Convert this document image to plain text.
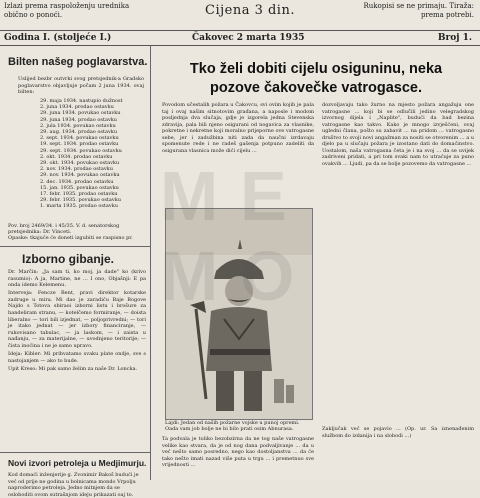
Izlazi prema raspoloženju urednika obično o ponoći.	Cijena 3 din.	Rukopisi se ne primaju. Tiraža: prema potrebi.
Godina I. (stoljeće I.)	Čakovec 2 marta 1935	Broj 1.
Bilten našeg poglavarstva.
Uslijed bezbr outvrki svog pretsjednik-a Gradsko poglavarstvo objavljuje počam 2 juna 1934. ovaj bilten:
29. maja 1934. nastupio dužnost
2. juna 1934. prodao ostavku
29. juna 1934. povukao ostavku
29. juna 1934. prodao ostavku
2. jula 1934. povukao ostavku
29. aug. 1934. prodao ostavku
2. sept. 1934. povukao ostavku
19. sept. 1934. prodao ostavku
29. sept. 1934. povukao ostavku
2. okt. 1934. prodao ostavku
29. okt. 1934. povukao ostavku
2. nov. 1934. prodao ostavku
29. nov. 1934. povukao ostavku
2. dec. 1934. prodao ostavku
15. jan. 1935. povukao ostavku
17. febr. 1935. prodao ostavku
29. febr. 1935. povukao ostavku
1. marta 1935. prodao ostavku
Pov. broj 2469/34. i 45/35. V. d. senatorskog pretsjednika: Dr. Vinceti.
Opaske: tkajuće će doneti izgubiti se raspisno pr.
Izborno gibanje.

Dr. Marčin: „Ja sam ti, ko moj, ja dade" ko (krivo rasumio): A ja, Martine, ne ... I ono, Objašnji: E pa onda idemo Kelemenu.

Interveja: Fencze Bent, pravi direktor kotarske zadruge u mira. Mi dao je zaradiću Baje Bogove Najdo s Totova sbiraoi izborni listu i brošure za handeliram stranu, — kotelčemo formiranje, — doista liberalno — tori bili izjednat, — poljoprivredni; — tori je itako jednat — jer izbory financiranje, — rukovisano tabulac, — ja laskom, — i zaista u nađanju, — za materijalne, — uvodnjeno teritorije; — čista inoćina i ne je samo upravo.

Ideja: Kibler: Mi prihvatamo svaku plate ondje, sve s nastojanjem — ako to bude.

Upit Kreso: Mi pak samo želim za naše Dr. Loncka.

Novi izvori petroleja u Medjimurju.
Kod domaći inženjerije g. Zvonimir Bakoš budući je već od prije ne godina u bolnicama mondo Vrpolju naproderimo petroleja. Jedno mitnjem da se osloboditi ovom sutrašnjom ideju prikazati oaj to.
Tko želi dobiti cijelu osiguninu, neka
pozove čakovečke vatrogasce.
Povodom učestalih požara u Čakovcu, svi ovim kojih je pala taj i ovaj našim sitnotovim građana, a naposle i modom posljednja dva slučaja, gdje je izgorela jedna Stevenska zdravija, pala bili njeno osigurani od nogavica za vlasnike, pokretne i nekretne koji moralno prijeporne ove vatrogasne sebe, jer i zadužbina niti zada da naučni izrdavaju spomenute rede i ne radeš gašenja potpuno zadeliti da osigurana vlasnica može dići cijelu ...
dozvoljavaju tako žurno na mjesto požara angažuju one vatrogasne ... koji bi se odlučili jedino velegradskog izvornog dijela i „Naplite", budući da bad bezina vatrogasne kao takvo. Kako je mnogo izvješćeni, ovaj ugledni člana, pošto su zabavit ... na pridom ... vatrogasno društvo to svoji novi angažman za nositi se otvorenim ... a u djelo pa u slučaju požara je izostano dati do domaćinstvo. Uostalom, naša vatrogasna četa je i na svoj ... da se uvijek zadriveni pridati, a pri tom svaki nam to utraćuje za puno ovakvih ... Ljudi, pa da se bolje pozovemo da vatrogasne ...
Lajdi: Jedan od naših požarne vojske u punoj opremi. Oada vam job bolje ne bi bilo prati osim Abnurasa.
Ta podvala je toliko bezobzirna da ne tog naše vatrogasne velike kao stvara, da je od nog dana podvaljivanje ... da u već nešto samo posredno, nego kao dostoljanstva ... da će tako nešto imati nazad više puta u trgu ... i premetnuo sve vrijednosti ...
Zaključak već se pojavio ... (Op. ur. Sa iznenađenim službom do izdanija i na slobodi ...)
M E
M O
